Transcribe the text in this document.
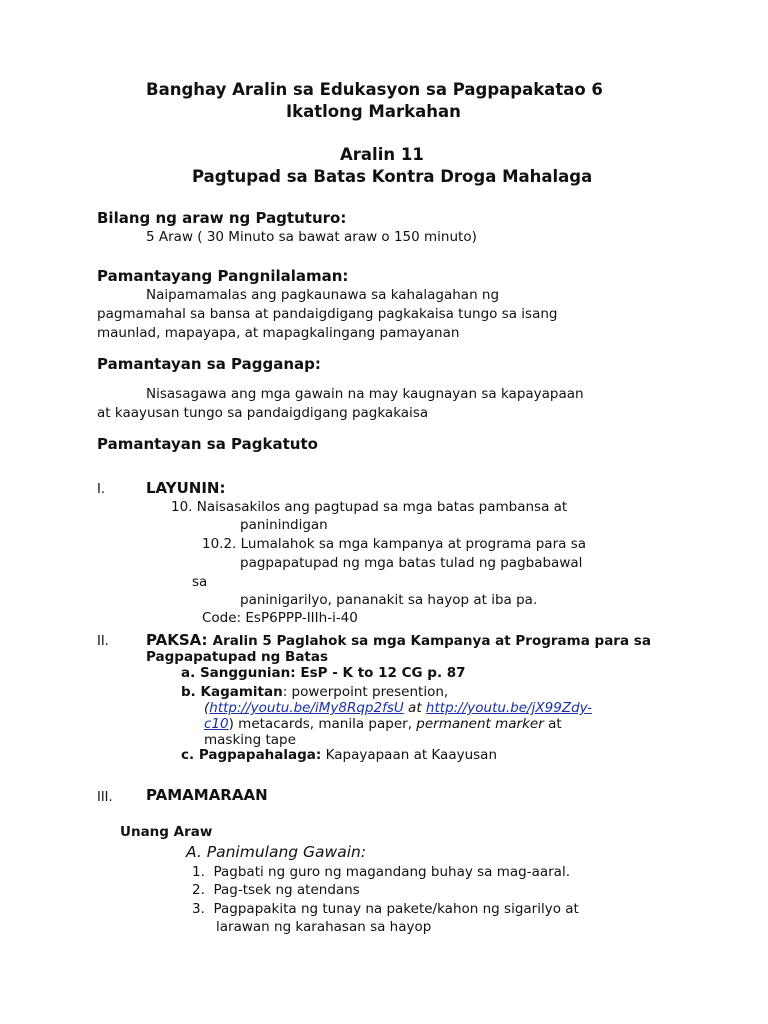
Banghay Aralin sa Edukasyon sa Pagpapakatao 6
Ikatlong Markahan
Aralin 11
Pagtupad sa Batas Kontra Droga Mahalaga
Bilang ng araw ng Pagtuturo:
5 Araw ( 30 Minuto sa bawat araw o 150 minuto)
Pamantayang Pangnilalaman:
Naipamamalas ang pagkaunawa sa kahalagahan ng
pagmamahal sa bansa at pandaigdigang pagkakaisa tungo sa isang
maunlad, mapayapa, at mapagkalingang pamayanan
Pamantayan sa Pagganap:
Nisasagawa ang mga gawain na may kaugnayan sa kapayapaan
at kaayusan tungo sa pandaigdigang pagkakaisa
Pamantayan sa Pagkatuto
I.	LAYUNIN:
10. Naisasakilos ang pagtupad sa mga batas pambansa at
paninindigan
10.2. Lumalahok sa mga kampanya at programa para sa
pagpapatupad ng mga batas tulad ng pagbabawal
sa
paninigarilyo, pananakit sa hayop at iba pa.
Code: EsP6PPP-IIIh-i-40
II. PAKSA: Aralin 5 Paglahok sa mga Kampanya at Programa para sa
Pagpapatupad ng Batas
a. Sanggunian: EsP - K to 12 CG p. 87
b. Kagamitan: powerpoint presention,
(http://youtu.be/iMy8Rqp2fsU at http://youtu.be/jX99Zdy-
c10) metacards, manila paper, permanent marker at
masking tape
c. Pagpapahalaga: Kapayapaan at Kaayusan
III. PAMAMARAAN
Unang Araw
A. Panimulang Gawain:
1. Pagbati ng guro ng magandang buhay sa mag-aaral.
2. Pag-tsek ng atendans
3. Pagpapakita ng tunay na pakete/kahon ng sigarilyo at
larawan ng karahasan sa hayop
